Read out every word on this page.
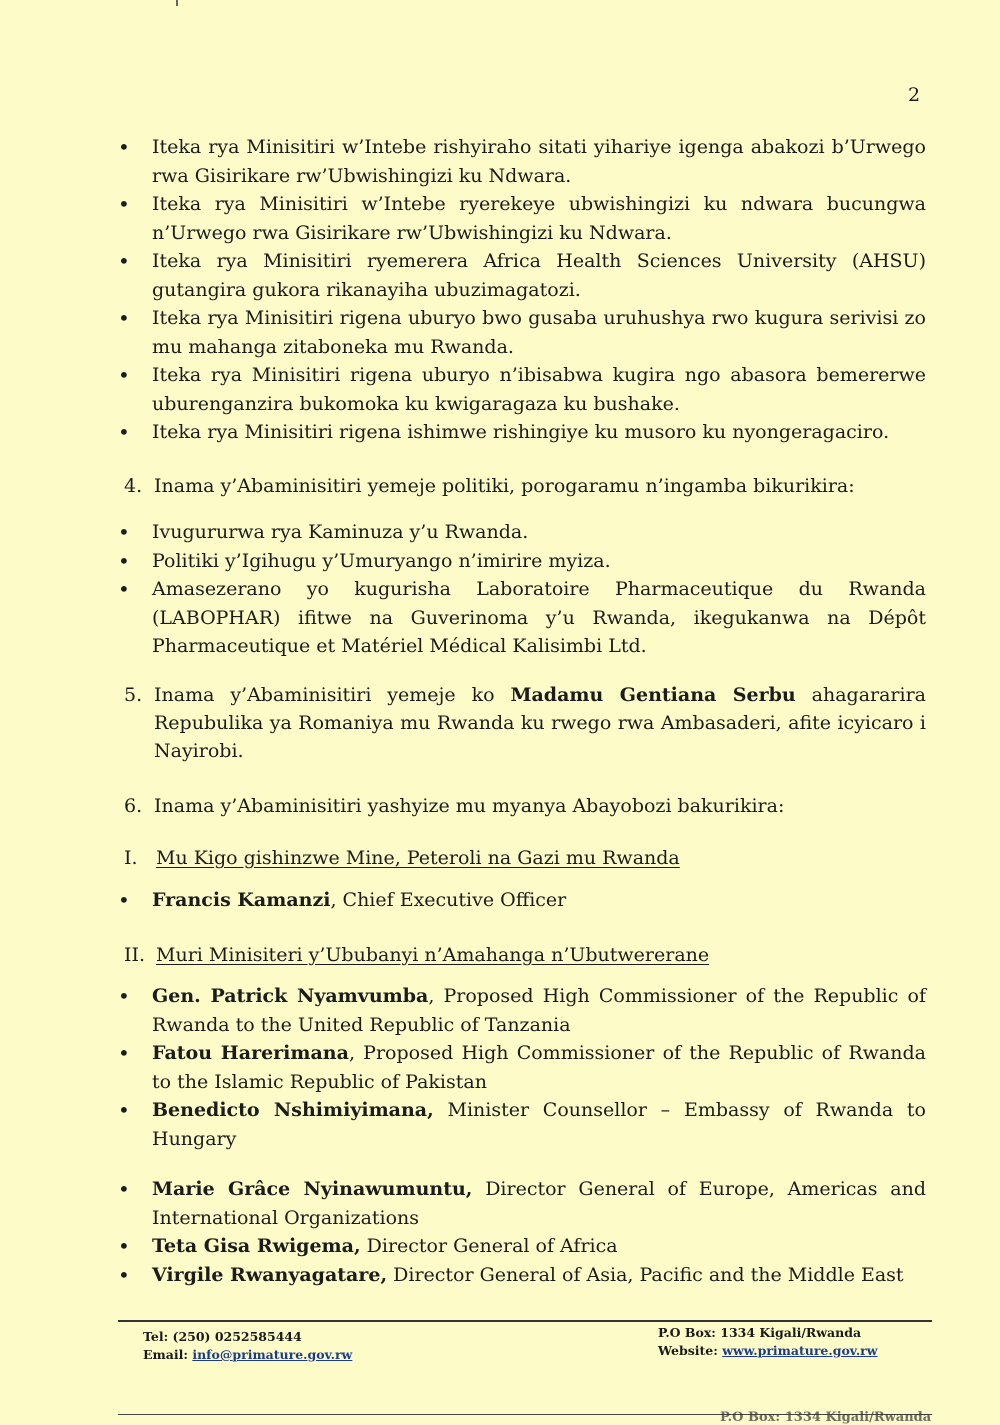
2
• Iteka rya Minisitiri w’Intebe rishyiraho sitati yihariye igenga abakozi b’Urwego rwa Gisirikare rw’Ubwishingizi ku Ndwara.
• Iteka rya Minisitiri w’Intebe ryerekeye ubwishingizi ku ndwara bucungwa n’Urwego rwa Gisirikare rw’Ubwishingizi ku Ndwara.
• Iteka rya Minisitiri ryemerera Africa Health Sciences University (AHSU) gutangira gukora rikanayiha ubuzimagatozi.
• Iteka rya Minisitiri rigena uburyo bwo gusaba uruhushya rwo kugura serivisi zo mu mahanga zitaboneka mu Rwanda.
• Iteka rya Minisitiri rigena uburyo n’ibisabwa kugira ngo abasora bemererwe uburenganzira bukomoka ku kwigaragaza ku bushake.
• Iteka rya Minisitiri rigena ishimwe rishingiye ku musoro ku nyongeragaciro.
4. Inama y’Abaminisitiri yemeje politiki, porogaramu n’ingamba bikurikira:
• Ivugururwa rya Kaminuza y’u Rwanda.
• Politiki y’Igihugu y’Umuryango n’imirire myiza.
• Amasezerano yo kugurisha Laboratoire Pharmaceutique du Rwanda (LABOPHAR) ifitwe na Guverinoma y’u Rwanda, ikegukanwa na Dépôt Pharmaceutique et Matériel Médical Kalisimbi Ltd.
5. Inama y’Abaminisitiri yemeje ko Madamu Gentiana Serbu ahagararira Repubulika ya Romaniya mu Rwanda ku rwego rwa Ambasaderi, afite icyicaro i Nayirobi.
6. Inama y’Abaminisitiri yashyize mu myanya Abayobozi bakurikira:
I. Mu Kigo gishinzwe Mine, Peteroli na Gazi mu Rwanda
• Francis Kamanzi, Chief Executive Officer
II. Muri Minisiteri y’Ububanyi n’Amahanga n’Ubutwererane
• Gen. Patrick Nyamvumba, Proposed High Commissioner of the Republic of Rwanda to the United Republic of Tanzania
• Fatou Harerimana, Proposed High Commissioner of the Republic of Rwanda to the Islamic Republic of Pakistan
• Benedicto Nshimiyimana, Minister Counsellor – Embassy of Rwanda to Hungary
• Marie Grâce Nyinawumuntu, Director General of Europe, Americas and International Organizations
• Teta Gisa Rwigema, Director General of Africa
• Virgile Rwanyagatare, Director General of Asia, Pacific and the Middle East
Tel: (250) 0252585444
Email: info@primature.gov.rw
P.O Box: 1334 Kigali/Rwanda
Website: www.primature.gov.rw
P.O Box: 1334 Kigali/Rwanda
